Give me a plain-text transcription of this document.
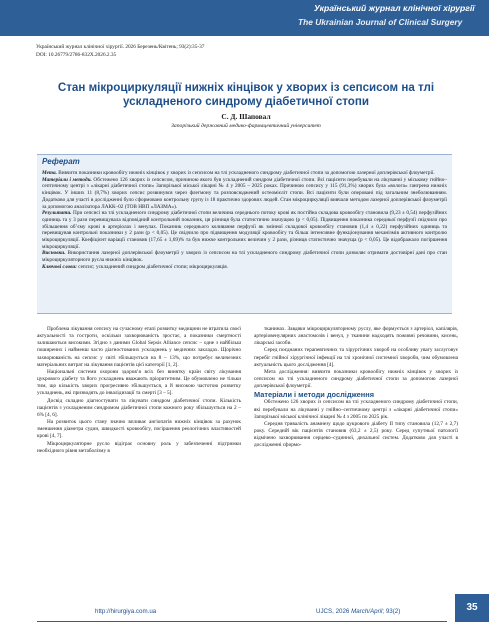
Український журнал клінічної хірургії
The Ukrainian Journal of Clinical Surgery
Український журнал клінічної хірургії. 2026 Березень/Квітень; 93(2):35-37
DOI: 10.26779/2786-832X.2026.2.35
Стан мікроциркуляції нижніх кінцівок у хворих із сепсисом на тлі ускладненого синдрому діабетичної стопи
С. Д. Шаповал
Запорізький державний медико-фармацевтичний університет
Реферат

Мета. Вивчити показники кровообігу нижніх кінцівок у хворих із сепсисом на тлі ускладненого синдрому діабетичної стопи за допомогою лазерної доплерівської флоуметрії.

Матеріали і методи. Обстежено 126 хворих із сепсисом, причиною якого був ускладнений синдром діабетичної стопи. Всі пацієнти перебували на лікуванні у міському гнійно–септичному центрі з «лікарні діабетичної стопи» Запорізької міської лікарні № 4 у 2005 – 2025 роках. Причиною сепсису у 115 (91,3%) хворих була «волога» гангрена нижніх кінцівок. У інших 11 (8,7%) хворих сепсис розвинувся через флегмону та розповсюджений остеомієліт стопи. Всі пацієнти були оперовані під загальним знеболюванням. Додатково для участі в дослідженні було сформовано контрольну групу із 18 практично здорових людей. Стан мікроциркуляції вивчали методом лазерної доплерівської флоуметрії за допомогою аналізатора ЛАКК–02 (ТОВ НВП «ЛАЗМА»).

Результати. При сепсисі на тлі ускладненого синдрому діабетичної стопи величина середнього потоку крові як постійна складова кровообігу становила (9,23 ± 0,54) перфузійних одиниць та у 3 рази перевищувала відповідний контрольний показник, ця різниця була статистично значущою (p < 0,05). Підвищення показника середньої перфузії свідчило про збільшення об’єму крові в артеріолах і венулах. Показник середнього коливання перфузії як змінної складової кровообігу становив (1,4 ± 0,22) перфузійних одиниць та перевищував контрольні показники у 2 рази (p < 0,05). Це свідчило про підвищення модуляції кровообігу та більш інтенсивне функціонування механізмів активного контролю мікроциркуляції. Коефіцієнт варіації становив (17,65 ± 1,69)% та був нижче контрольних величин у 2 рази, різниця статистично значуща (p < 0,05). Це відображало погіршення мікроциркуляції.

Висновки. Використання лазерної доплерівської флоуметрії у хворих із сепсисом на тлі ускладненого синдрому діабетичної стопи дозволяє отримати достовірні дані про стан мікроциркуляторного русла нижніх кінцівок.

Ключові слова: сепсис; ускладнений синдром діабетичної стопи; мікроциркуляція.

Проблема лікування сепсису на сучасному етапі розвитку медицини не втратила своєї актуальності та гостроти, оскільки захворюваність зростає, а показники смертності залишаються високими. Згідно з даними Global Sepsis Alliance сепсис – одне з найбільш поширених і найменш часто діагностованих ускладнень у медичних закладах. Щорічно захворюваність на сепсис у світі збільшується на 8 – 13%, що потребує величезних матеріальних витрат на лікування пацієнтів цієї категорії [1, 2].

Національні системи охорони здоров’я всіх без винятку країн світу лікування цукрового діабету та його ускладнень вважають пріоритетним. Це обумовлено не тільки тим, що кількість хворих прогресивно збільшується, а й високою частотою розвитку ускладнень, які призводять до інвалідизації та смерті [3 – 5].

Досвід складно діагностувати та лікувати синдром діабетичної стопи. Кількість пацієнтів з ускладненим синдромом діабетичної стопи кожного року збільшується на 2 – 6% [4, 6].

На розвиток цього стану значно впливає ангіопатія нижніх кінцівок за рахунок зменшення діаметра судин, швидкості кровообігу, погіршення реологічних властивостей крові [4, 7].

Мікроциркуляторне русло відіграє основну роль у забезпеченні підтримки необхідного рівня метаболізму в

тканинах. Завдяки мікроциркуляторному руслу, яке формується з артеріол, капілярів, артеріовенулярних анастомозів і венул, у тканини надходять поживні речовини, кисень, лікарські засоби.

Серед поєднаних терапевтичних та хірургічних хвороб на особливу увагу заслуговує перебіг гнійної хірургічної інфекції на тлі хронічної системної хвороби, чим обумовлена актуальність цього дослідження [4].

Мета дослідження: вивчити показники кровообігу нижніх кінцівок у хворих із сепсисом на тлі ускладненого синдрому діабетичної стопи за допомогою лазерної доплерівської флоуметрії.

Матеріали і методи дослідження

Обстежено 126 хворих із сепсисом на тлі ускладненого синдрому діабетичної стопи, які перебували на лікуванні у гнійно–септичному центрі з «лікарні діабетичної стопи» Запорізької міської клінічної лікарні № 4 з 2005 по 2025 рік.

Середня тривалість анамнезу щодо цукрового діабету II типу становила (12,7 ± 2,7) року. Середній вік пацієнтів становив (63,2 ± 2,5) року. Серед супутньої патології відмічено захворювання серцево–судинної, дихальної систем. Додатково для участі в дослідженні сформо-

http://hirurgiya.com.ua	UJCS, 2026 March/April; 93(2)	35
